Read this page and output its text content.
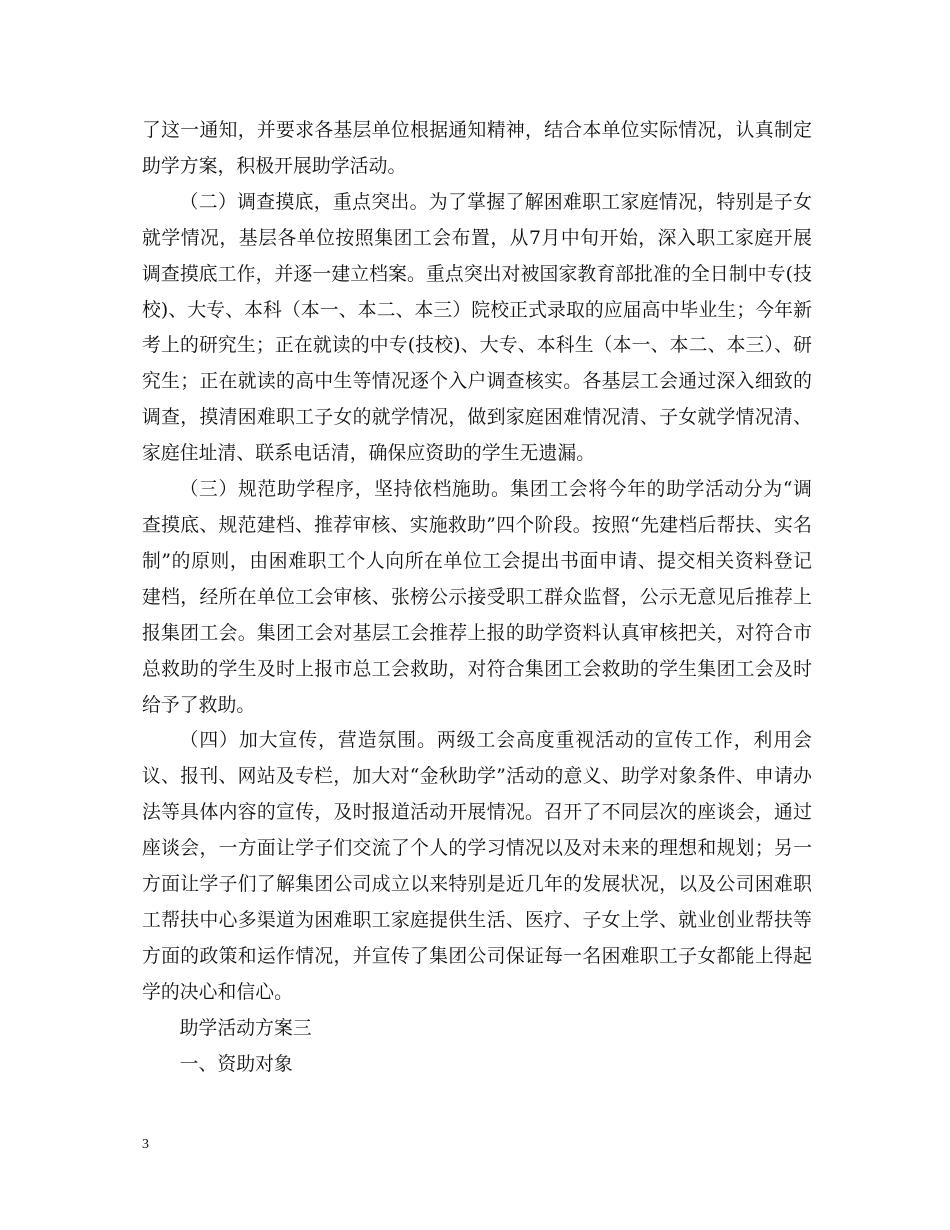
了这一通知，并要求各基层单位根据通知精神，结合本单位实际情况，认真制定助学方案，积极开展助学活动。

（二）调查摸底，重点突出。为了掌握了解困难职工家庭情况，特别是子女就学情况，基层各单位按照集团工会布置，从7月中旬开始，深入职工家庭开展调查摸底工作，并逐一建立档案。重点突出对被国家教育部批准的全日制中专(技校)、大专、本科（本一、本二、本三）院校正式录取的应届高中毕业生；今年新考上的研究生；正在就读的中专(技校)、大专、本科生（本一、本二、本三）、研究生；正在就读的高中生等情况逐个入户调查核实。各基层工会通过深入细致的调查，摸清困难职工子女的就学情况，做到家庭困难情况清、子女就学情况清、家庭住址清、联系电话清，确保应资助的学生无遗漏。

（三）规范助学程序，坚持依档施助。集团工会将今年的助学活动分为“调查摸底、规范建档、推荐审核、实施救助”四个阶段。按照“先建档后帮扶、实名制”的原则，由困难职工个人向所在单位工会提出书面申请、提交相关资料登记建档，经所在单位工会审核、张榜公示接受职工群众监督，公示无意见后推荐上报集团工会。集团工会对基层工会推荐上报的助学资料认真审核把关，对符合市总救助的学生及时上报市总工会救助，对符合集团工会救助的学生集团工会及时给予了救助。

（四）加大宣传，营造氛围。两级工会高度重视活动的宣传工作，利用会议、报刊、网站及专栏，加大对“金秋助学”活动的意义、助学对象条件、申请办法等具体内容的宣传，及时报道活动开展情况。召开了不同层次的座谈会，通过座谈会，一方面让学子们交流了个人的学习情况以及对未来的理想和规划；另一方面让学子们了解集团公司成立以来特别是近几年的发展状况，以及公司困难职工帮扶中心多渠道为困难职工家庭提供生活、医疗、子女上学、就业创业帮扶等方面的政策和运作情况，并宣传了集团公司保证每一名困难职工子女都能上得起学的决心和信心。

助学活动方案三

一、资助对象

3
